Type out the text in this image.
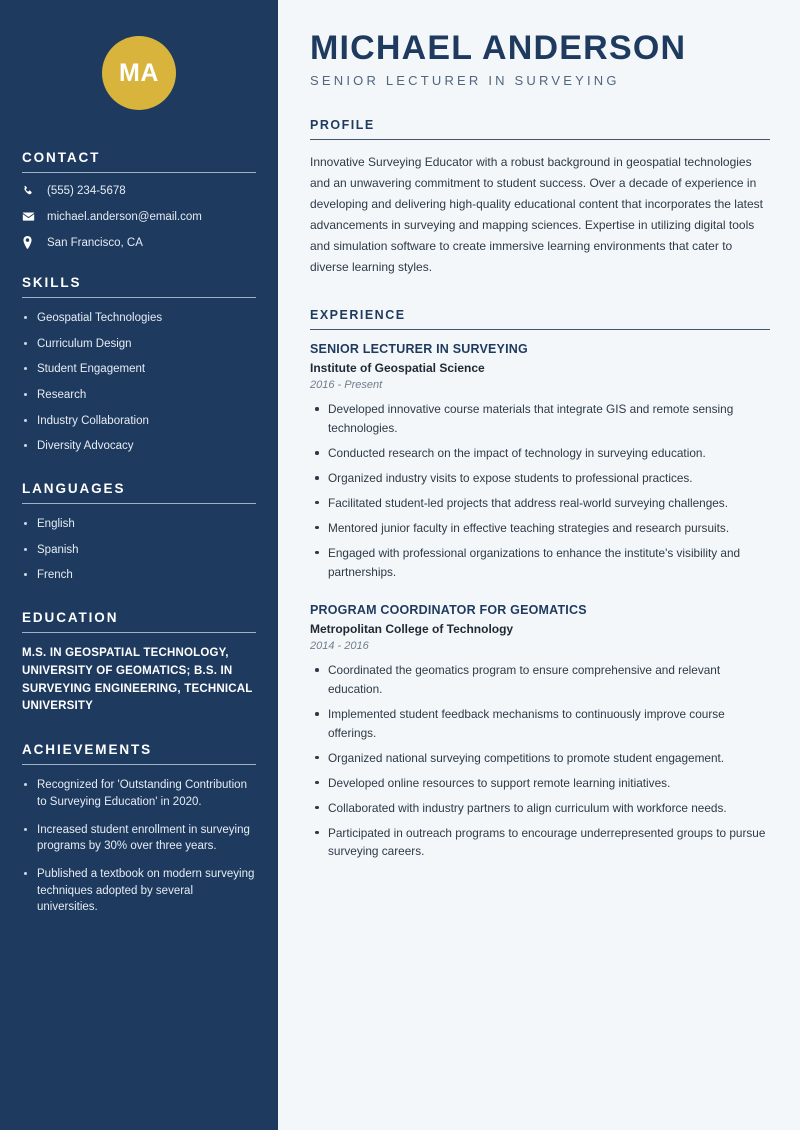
MA
CONTACT
(555) 234-5678
michael.anderson@email.com
San Francisco, CA
SKILLS
Geospatial Technologies
Curriculum Design
Student Engagement
Research
Industry Collaboration
Diversity Advocacy
LANGUAGES
English
Spanish
French
EDUCATION
M.S. IN GEOSPATIAL TECHNOLOGY, UNIVERSITY OF GEOMATICS; B.S. IN SURVEYING ENGINEERING, TECHNICAL UNIVERSITY
ACHIEVEMENTS
Recognized for 'Outstanding Contribution to Surveying Education' in 2020.
Increased student enrollment in surveying programs by 30% over three years.
Published a textbook on modern surveying techniques adopted by several universities.
MICHAEL ANDERSON
SENIOR LECTURER IN SURVEYING
PROFILE

Innovative Surveying Educator with a robust background in geospatial technologies and an unwavering commitment to student success. Over a decade of experience in developing and delivering high-quality educational content that incorporates the latest advancements in surveying and mapping sciences. Expertise in utilizing digital tools and simulation software to create immersive learning environments that cater to diverse learning styles.

EXPERIENCE
SENIOR LECTURER IN SURVEYING
Institute of Geospatial Science
2016 - Present
Developed innovative course materials that integrate GIS and remote sensing technologies.
Conducted research on the impact of technology in surveying education.
Organized industry visits to expose students to professional practices.
Facilitated student-led projects that address real-world surveying challenges.
Mentored junior faculty in effective teaching strategies and research pursuits.
Engaged with professional organizations to enhance the institute's visibility and partnerships.
PROGRAM COORDINATOR FOR GEOMATICS
Metropolitan College of Technology
2014 - 2016
Coordinated the geomatics program to ensure comprehensive and relevant education.
Implemented student feedback mechanisms to continuously improve course offerings.
Organized national surveying competitions to promote student engagement.
Developed online resources to support remote learning initiatives.
Collaborated with industry partners to align curriculum with workforce needs.
Participated in outreach programs to encourage underrepresented groups to pursue surveying careers.
